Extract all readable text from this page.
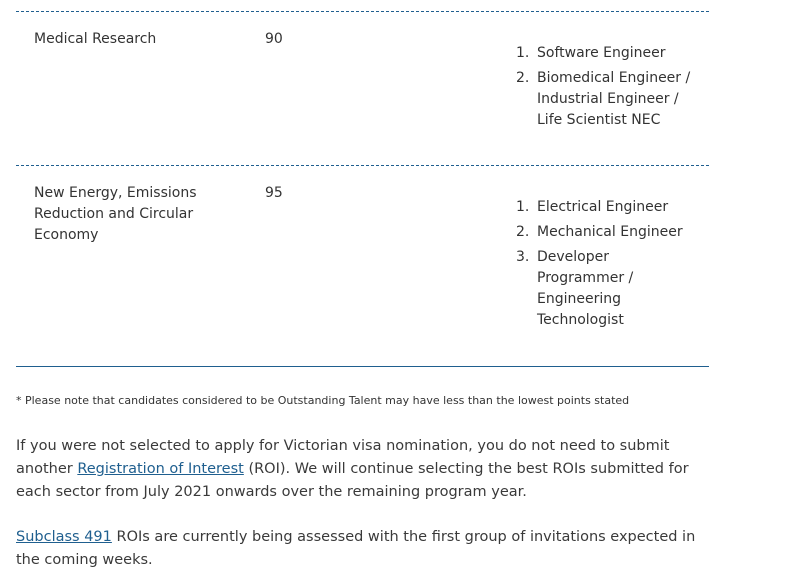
Medical Research	90
1. Software Engineer
2. Biomedical Engineer / Industrial Engineer / Life Scientist NEC
New Energy, Emissions Reduction and Circular Economy
95
1. Electrical Engineer
2. Mechanical Engineer
3. Developer Programmer / Engineering Technologist
* Please note that candidates considered to be Outstanding Talent may have less than the lowest points stated

If you were not selected to apply for Victorian visa nomination, you do not need to submit another Registration of Interest (ROI). We will continue selecting the best ROIs submitted for each sector from July 2021 onwards over the remaining program year.

Subclass 491 ROIs are currently being assessed with the first group of invitations expected in the coming weeks.
